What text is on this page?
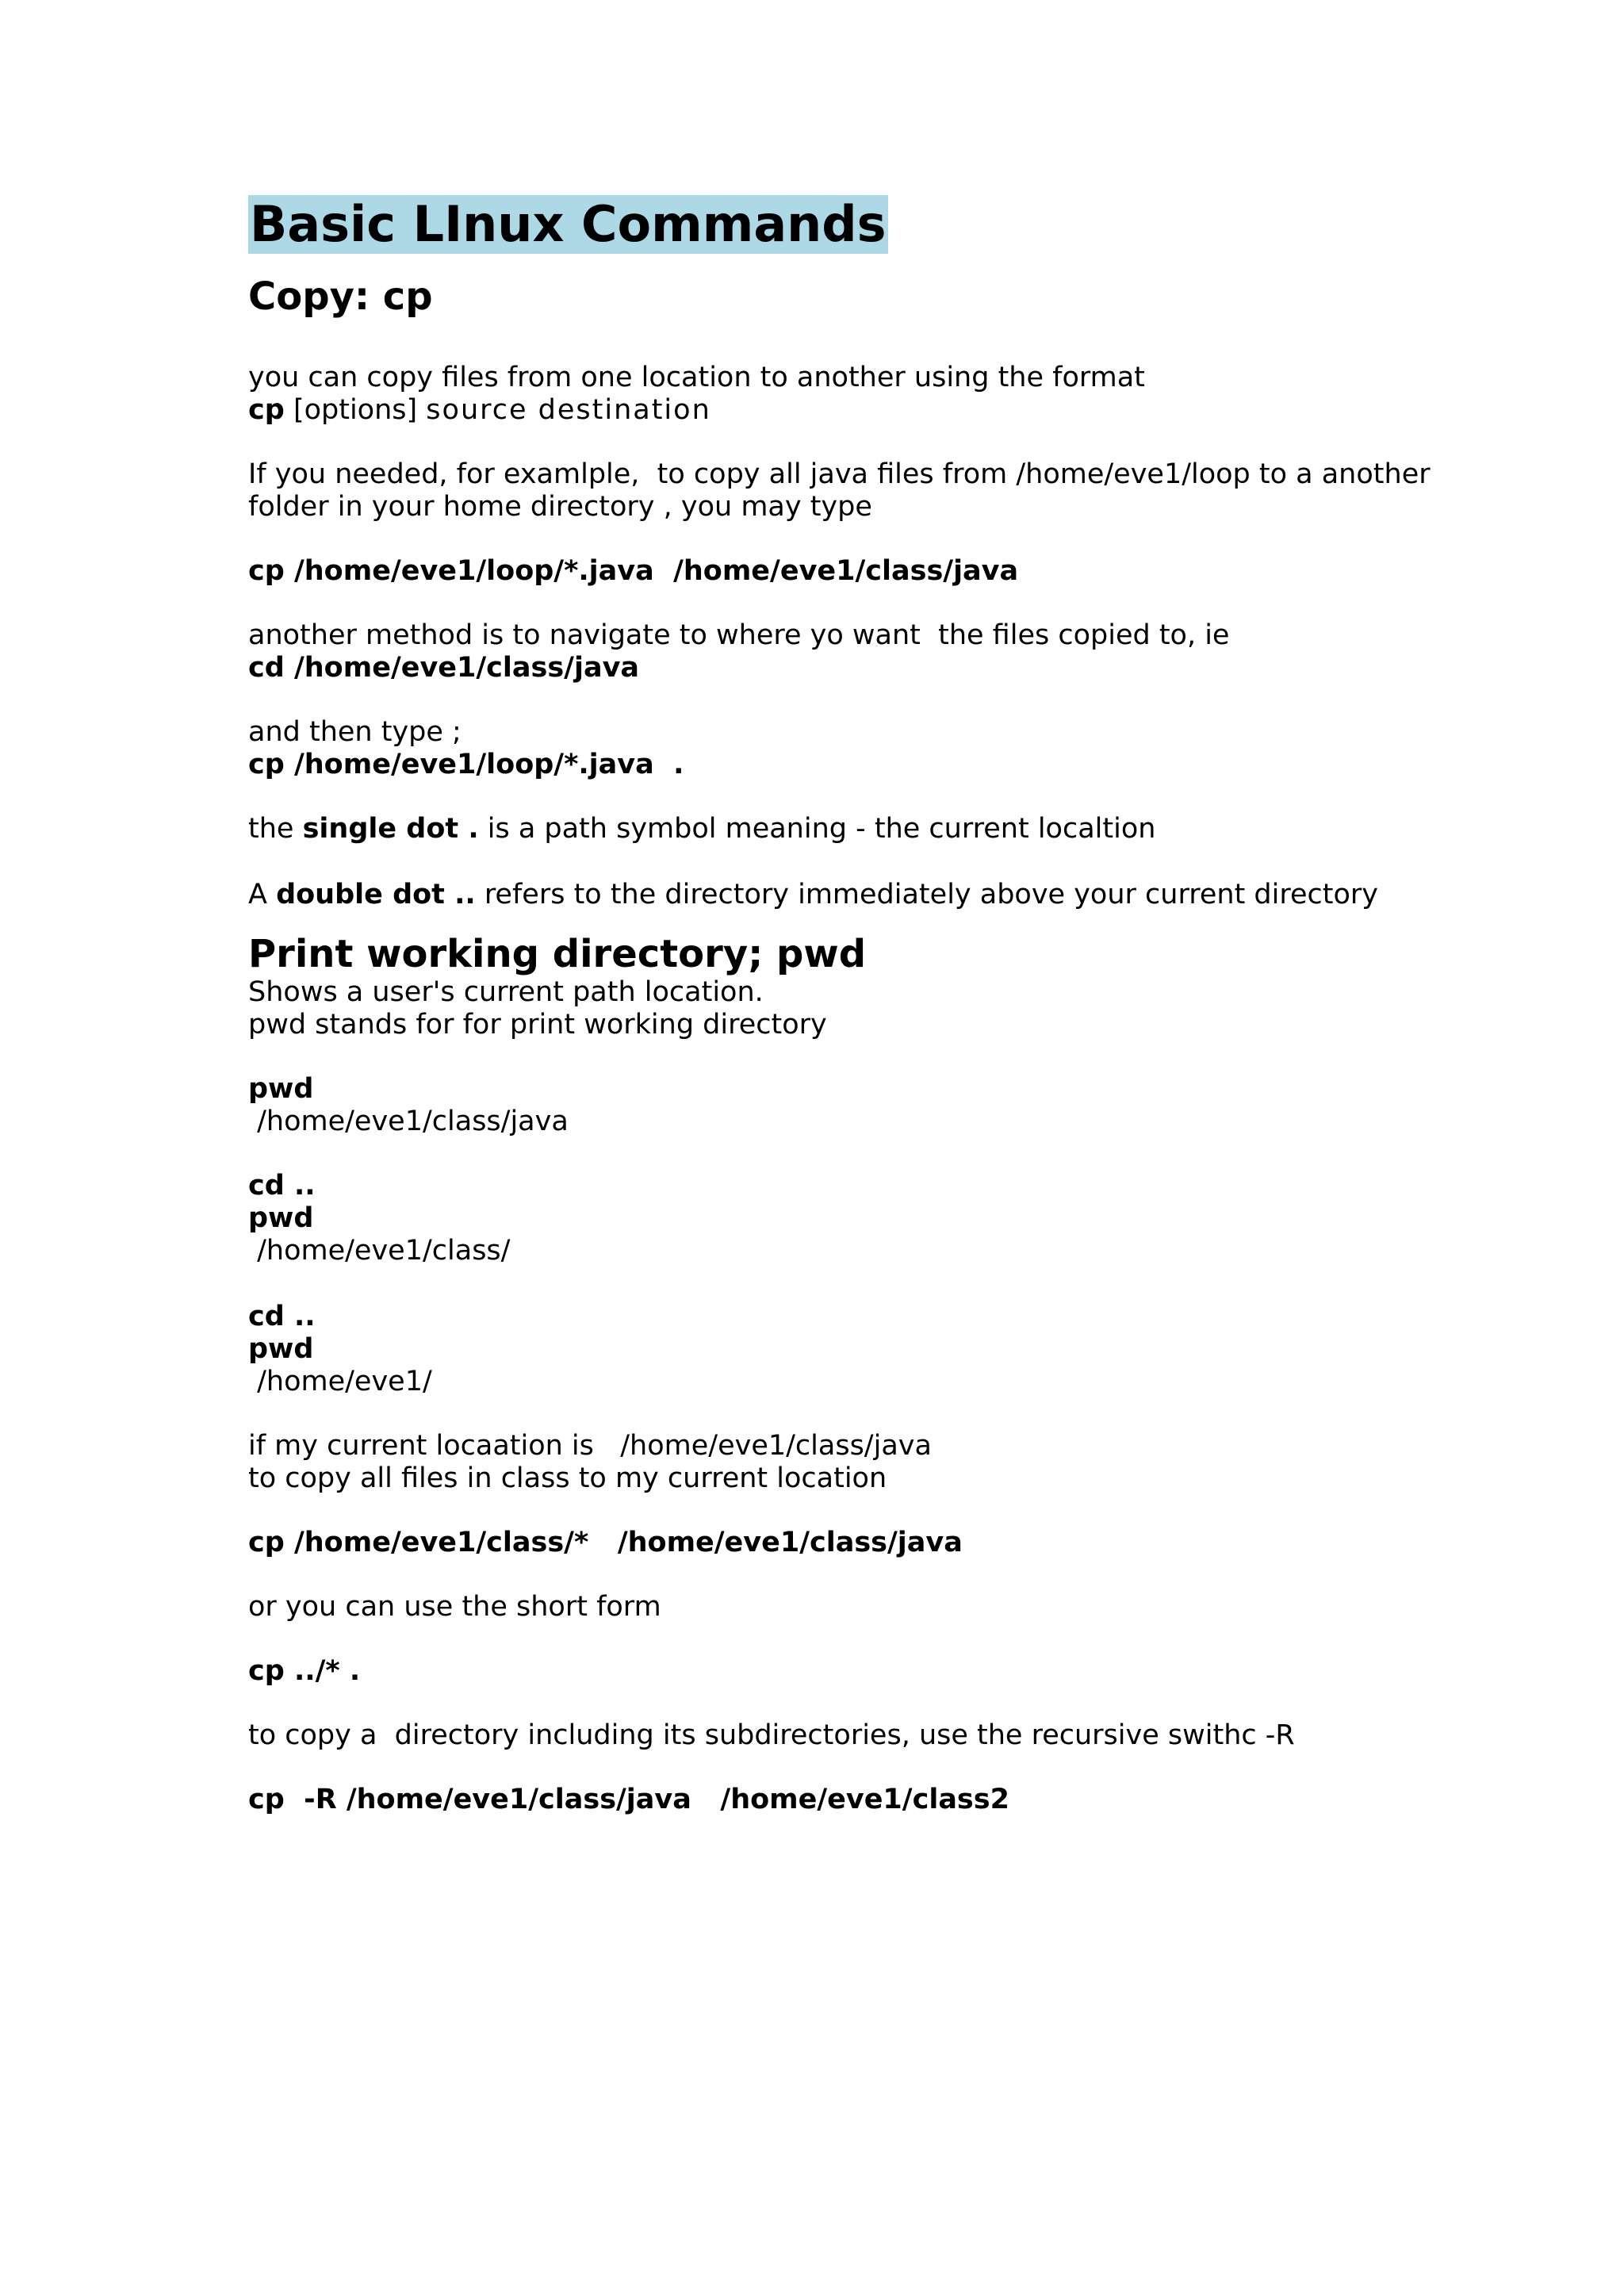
Basic LInux Commands
Copy: cp

you can copy files from one location to another using the format

cp [options] source destination

If you needed, for examlple,  to copy all java files from /home/eve1/loop to a another

folder in your home directory , you may type

cp /home/eve1/loop/*.java  /home/eve1/class/java

another method is to navigate to where yo want  the files copied to, ie

cd /home/eve1/class/java

and then type ;

cp /home/eve1/loop/*.java  .

the single dot . is a path symbol meaning - the current localtion

A double dot .. refers to the directory immediately above your current directory

Print working directory; pwd

Shows a user's current path location.

pwd stands for for print working directory

pwd

/home/eve1/class/java

cd ..

pwd

/home/eve1/class/

cd ..

pwd

/home/eve1/

if my current locaation is   /home/eve1/class/java

to copy all files in class to my current location

cp /home/eve1/class/*   /home/eve1/class/java

or you can use the short form

cp ../* .

to copy a  directory including its subdirectories, use the recursive swithc -R

cp  -R /home/eve1/class/java   /home/eve1/class2
